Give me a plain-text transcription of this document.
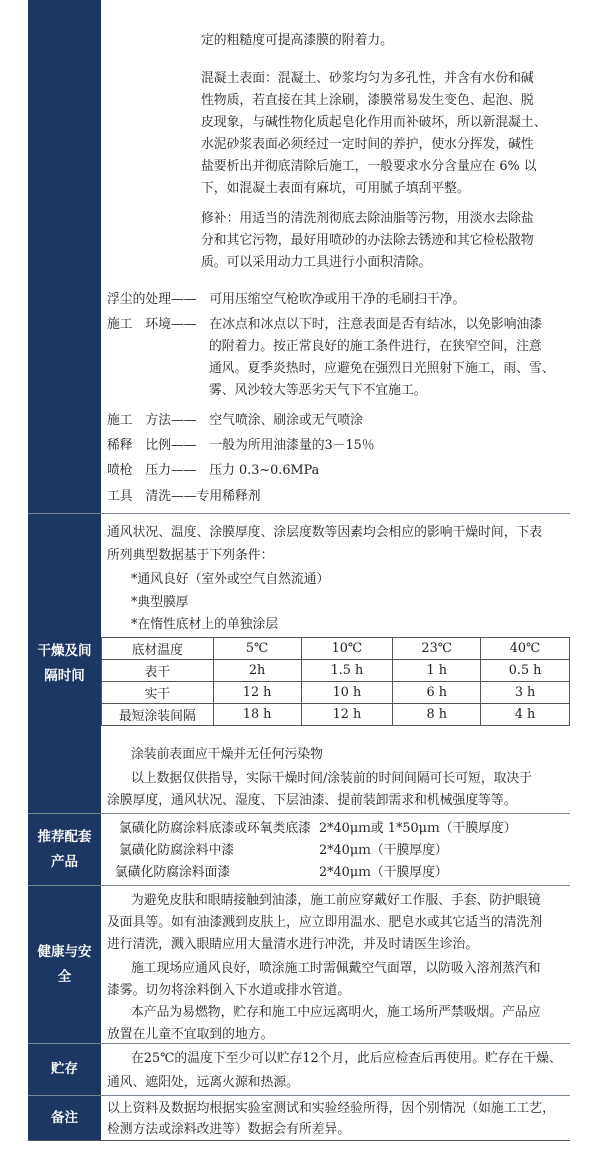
定的粗糙度可提高漆膜的附着力。
混凝土表面：混凝土、砂浆均匀为多孔性，并含有水份和碱
性物质，若直接在其上涂刷，漆膜常易发生变色、起泡、脱
皮现象，与碱性物化质起皂化作用而补破坏，所以新混凝土、
水泥砂浆表面必须经过一定时间的养护，使水分挥发，碱性
盐要析出并彻底清除后施工，一般要求水分含量应在 6% 以
下，如混凝土表面有麻坑，可用腻子填刮平整。
修补：用适当的清洗剂彻底去除油脂等污物，用淡水去除盐
分和其它污物，最好用喷砂的办法除去锈迹和其它检松散物
质。可以采用动力工具进行小面积清除。
浮尘的处理——　可用压缩空气枪吹净或用干净的毛刷扫干净。
施工　环境——　在冰点和冰点以下时，注意表面是否有结冰，以免影响油漆
的附着力。按正常良好的施工条件进行，在狭窄空间，注意
通风。夏季炎热时，应避免在强烈日光照射下施工，雨、雪、
雾、风沙较大等恶劣天气下不宜施工。
施工　方法——　空气喷涂、刷涂或无气喷涂
稀释　比例——　一般为所用油漆量的3－15％
喷枪　压力——　压力 0.3~0.6MPa
工具　清洗——专用稀释剂
干燥及间隔时间
通风状况、温度、涂膜厚度、涂层度数等因素均会相应的影响干燥时间，下表
所列典型数据基于下列条件：
*通风良好（室外或空气自然流通）
*典型膜厚
*在惰性底材上的单独涂层
底材温度	5℃	10℃	23℃	40℃
表干	2h	1.5 h	1 h	0.5 h
实干	12 h	10 h	6 h	3 h
最短涂装间隔	18 h	12 h	8 h	4 h
涂装前表面应干燥并无任何污染物
以上数据仅供指导，实际干燥时间/涂装前的时间间隔可长可短，取决于
涂膜厚度，通风状况、湿度、下层油漆、提前装卸需求和机械强度等等。
推荐配套产品
氯磺化防腐涂料底漆或环氧类底漆 2*40μｍ或 1*50μｍ（干膜厚度）
氯磺化防腐涂料中漆	2*40μｍ（干膜厚度）
氯磺化防腐涂料面漆	2*40μｍ（干膜厚度）
健康与安全
为避免皮肤和眼睛接触到油漆，施工前应穿戴好工作服、手套、防护眼镜
及面具等。如有油漆溅到皮肤上，应立即用温水、肥皂水或其它适当的清洗剂
进行清洗，溅入眼睛应用大量清水进行冲洗，并及时请医生诊治。
施工现场应通风良好，喷涂施工时需佩戴空气面罩，以防吸入溶剂蒸汽和
漆雾。切勿将涂料倒入下水道或排水管道。
本产品为易燃物，贮存和施工中应远离明火，施工场所严禁吸烟。产品应
放置在儿童不宜取到的地方。
贮存
在25℃的温度下至少可以贮存12个月，此后应检查后再使用。贮存在干燥、
通风、遮阳处，远离火源和热源。
备注
以上资料及数据均根据实验室测试和实验经验所得，因个别情况（如施工工艺，
检测方法或涂料改进等）数据会有所差异。
